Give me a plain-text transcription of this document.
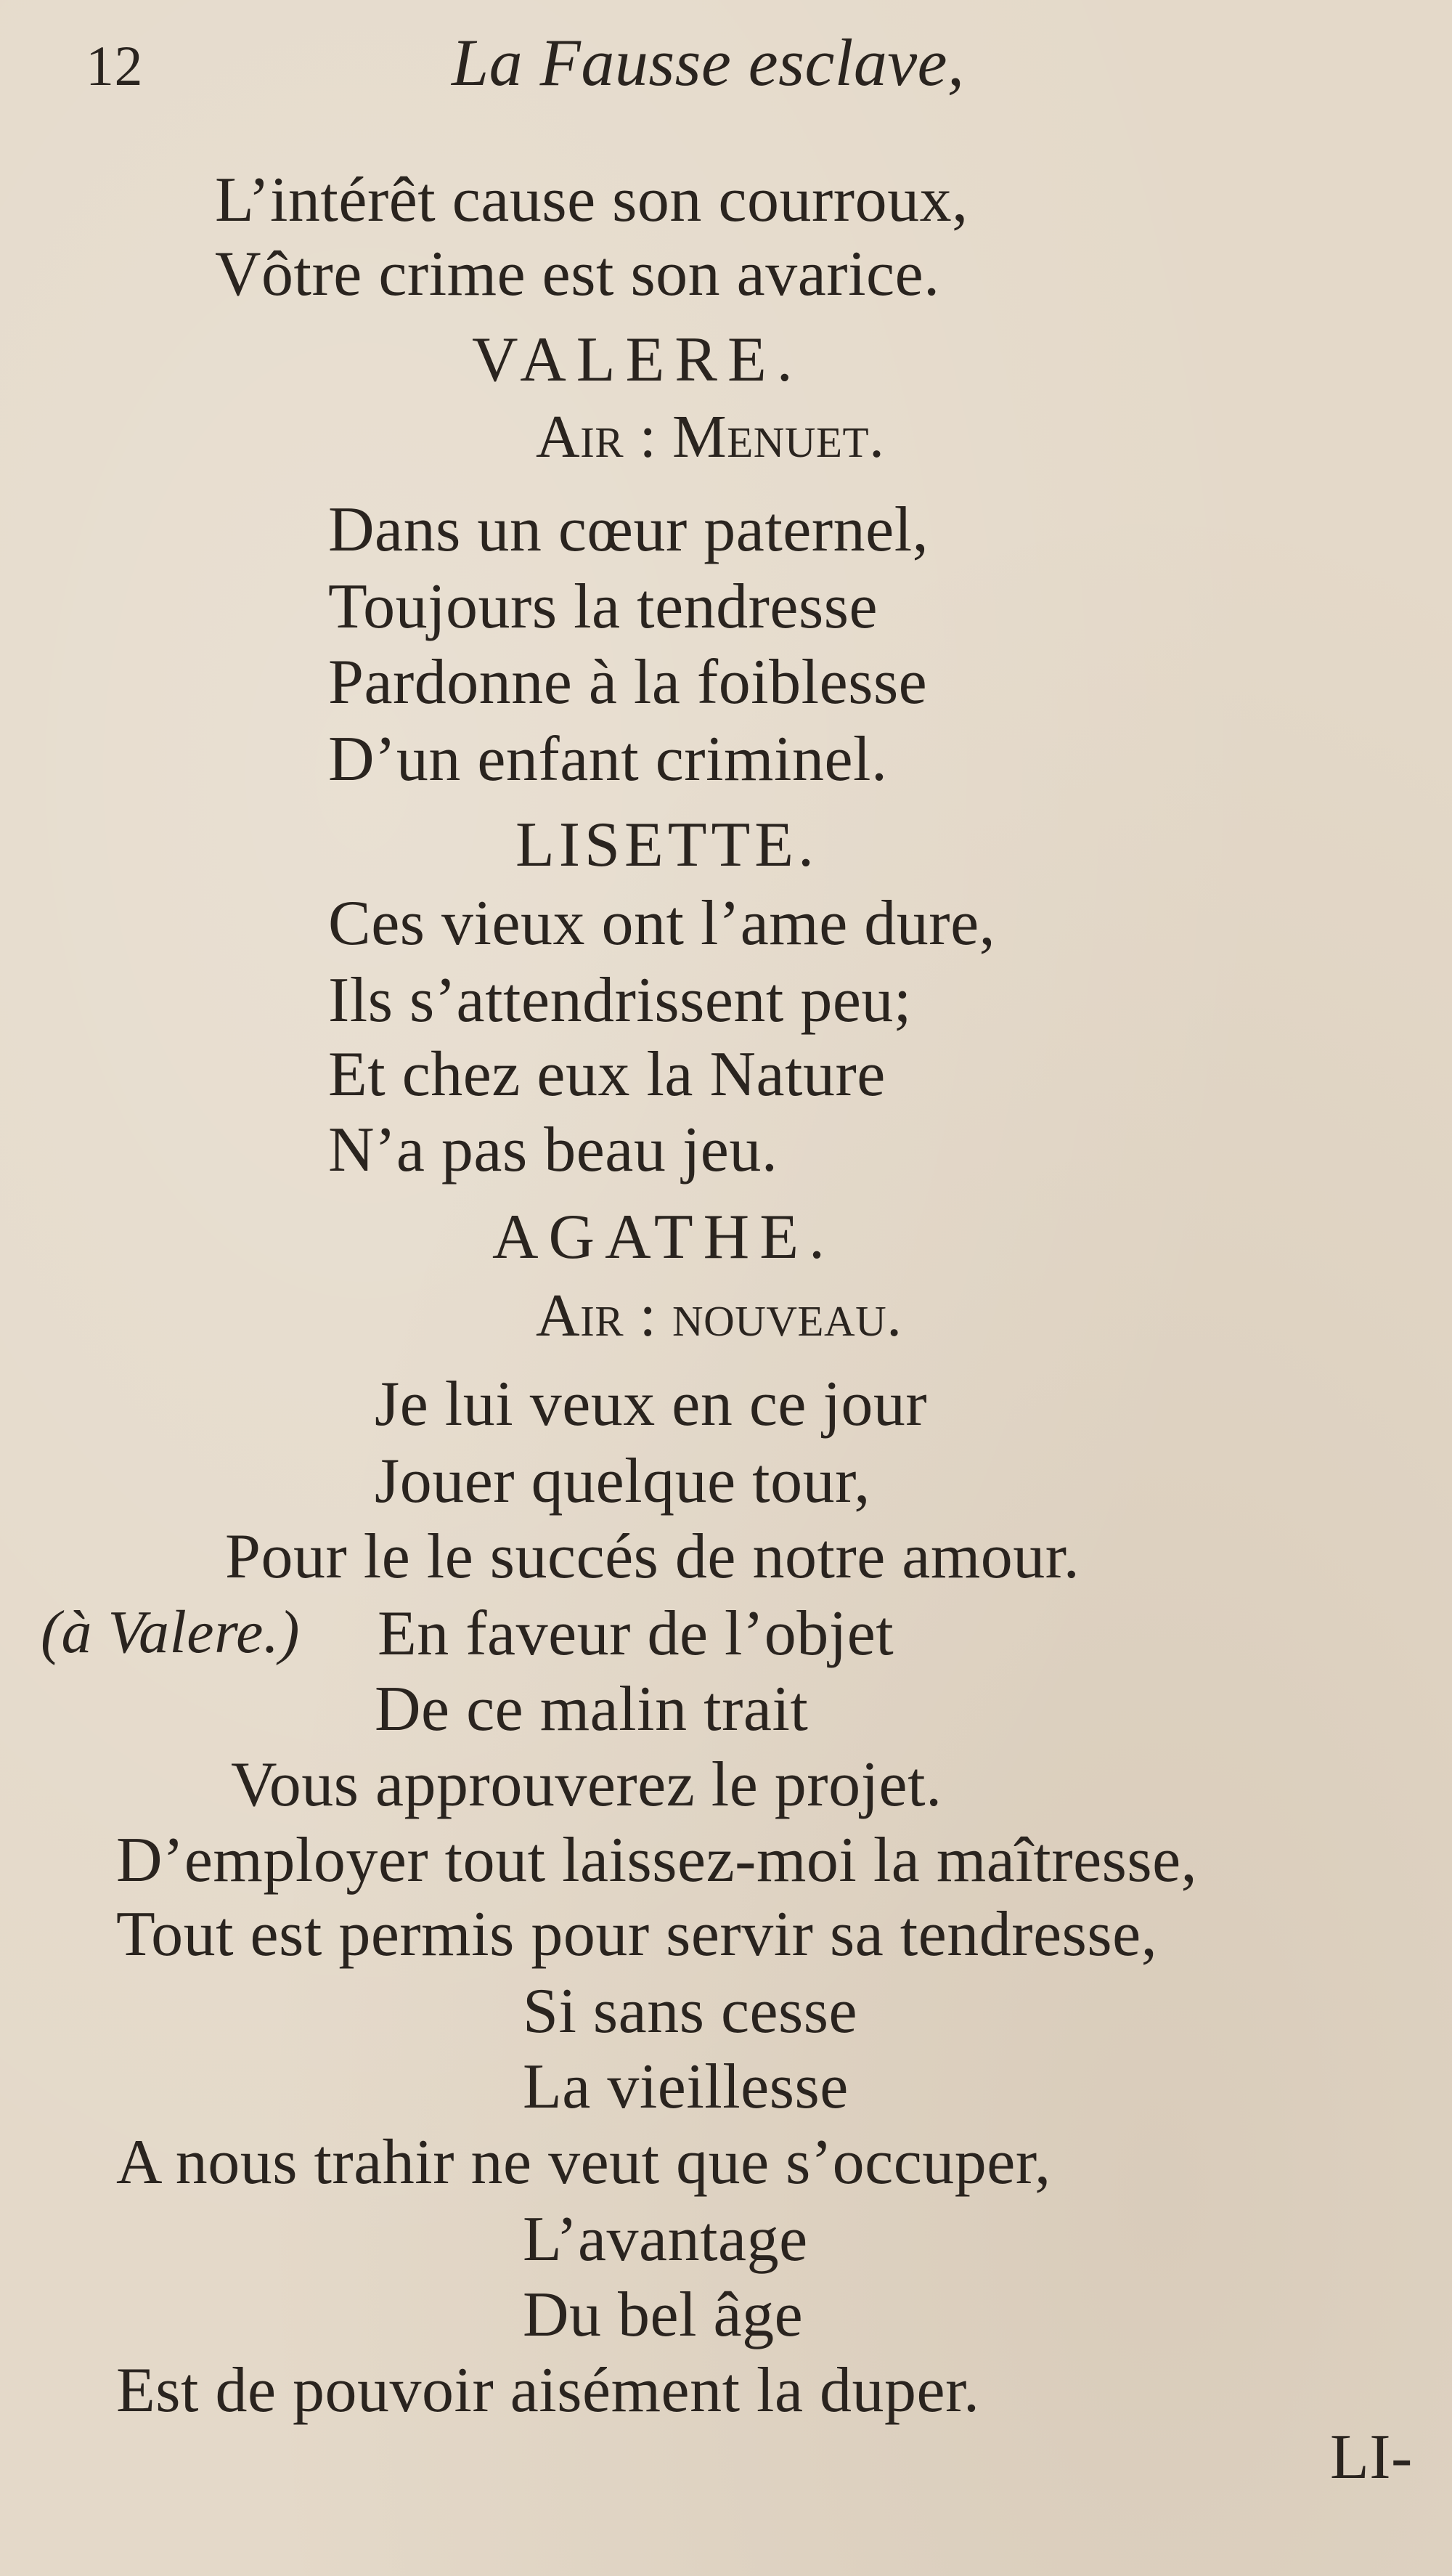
12	La Fausse esclave,
L’intérêt cause son courroux,
Vôtre crime est son avarice.
VALERE.
Air : Menuet.
Dans un cœur paternel,
Toujours la tendresse
Pardonne à la foiblesse
D’un enfant criminel.
LISETTE.
Ces vieux ont l’ame dure,
Ils s’attendrissent peu;
Et chez eux la Nature
N’a pas beau jeu.
AGATHE.
Air : nouveau.
Je lui veux en ce jour
Jouer quelque tour,
Pour le le succés de notre amour.
(à Valere.) En faveur de l’objet
De ce malin trait
Vous approuverez le projet.
D’employer tout laissez-moi la maîtresse,
Tout est permis pour servir sa tendresse,
Si sans cesse
La vieillesse
A nous trahir ne veut que s’occuper,
L’avantage
Du bel âge
Est de pouvoir aisément la duper.
LI-
